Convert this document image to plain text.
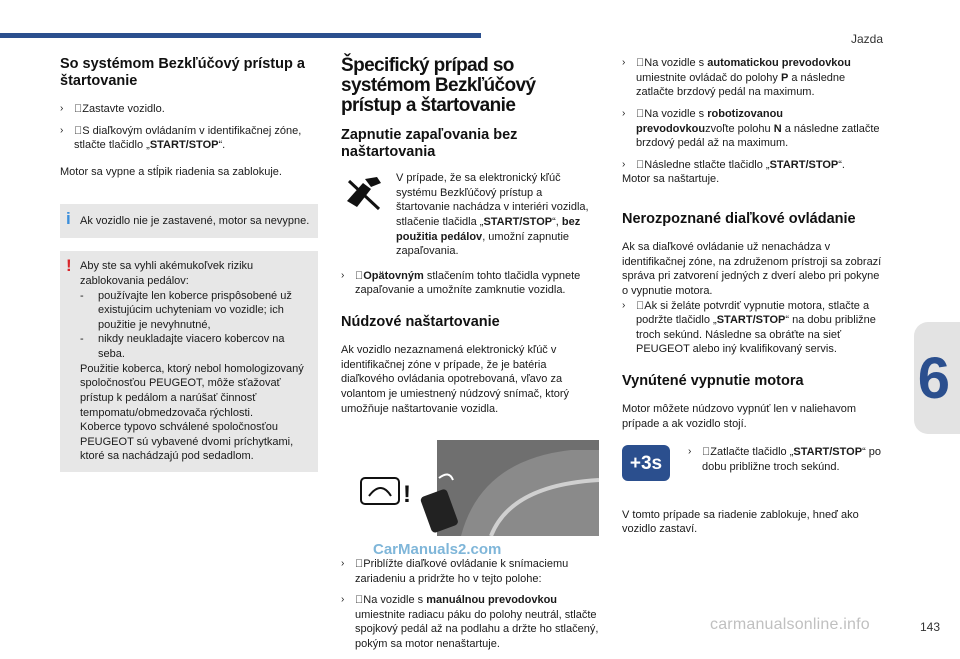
Jazda
6
So systémom Bezkľúčový prístup a štartovanie
› Zastavte vozidlo.
› S diaľkovým ovládaním v identifikačnej zóne, stlačte tlačidlo „START/STOP“.

Motor sa vypne a stĺpik riadenia sa zablokuje.

i Ak vozidlo nie je zastavené, motor sa nevypne.
! Aby ste sa vyhli akémukoľvek riziku zablokovania pedálov:
- používajte len koberce prispôsobené už existujúcim uchyteniam vo vozidle; ich použitie je nevyhnutné,
- nikdy neukladajte viacero kobercov na seba.
Použitie koberca, ktorý nebol homologizovaný spoločnosťou PEUGEOT, môže sťažovať prístup k pedálom a narúšať činnosť tempomatu/obmedzovača rýchlosti.
Koberce typovo schválené spoločnosťou PEUGEOT sú vybavené dvomi príchytkami, ktoré sa nachádzajú pod sedadlom.
Špecifický prípad so systémom Bezkľúčový prístup a štartovanie
Zapnutie zapaľovania bez naštartovania
V prípade, že sa elektronický kľúč systému Bezkľúčový prístup a štartovanie nachádza v interiéri vozidla, stlačenie tlačidla „START/STOP“, bez použitia pedálov, umožní zapnutie zapaľovania.
› Opätovným stlačením tohto tlačidla vypnete zapaľovanie a umožníte zamknutie vozidla.
Núdzové naštartovanie

Ak vozidlo nezaznamená elektronický kľúč v identifikačnej zóne v prípade, že je batéria diaľkového ovládania opotrebovaná, vľavo za volantom je umiestnený núdzový snímač, ktorý umožňuje naštartovanie vozidla.

!
› Priblížte diaľkové ovládanie k snímaciemu zariadeniu a pridržte ho v tejto polohe:
› Na vozidle s manuálnou prevodovkou umiestnite radiacu páku do polohy neutrál, stlačte spojkový pedál až na podlahu a držte ho stlačený, pokým sa motor nenaštartuje.
› Na vozidle s automatickou prevodovkou umiestnite ovládač do polohy P a následne zatlačte brzdový pedál na maximum.
› Na vozidle s robotizovanou prevodovkouzvoľte polohu N a následne zatlačte brzdový pedál až na maximum.
› Následne stlačte tlačidlo „START/STOP“.

Motor sa naštartuje.

Nerozpoznané diaľkové ovládanie

Ak sa diaľkové ovládanie už nenachádza v identifikačnej zóne, na združenom prístroji sa zobrazí správa pri zatvorení jedných z dverí alebo pri pokyne o vypnutie motora.

› Ak si želáte potvrdiť vypnutie motora, stlačte a podržte tlačidlo „START/STOP“ na dobu približne troch sekúnd. Následne sa obráťte na sieť PEUGEOT alebo iný kvalifikovaný servis.
Vynútené vypnutie motora

Motor môžete núdzovo vypnúť len v naliehavom prípade a ak vozidlo stojí.

+3s
› Zatlačte tlačidlo „START/STOP“ po dobu približne troch sekúnd.

V tomto prípade sa riadenie zablokuje, hneď ako vozidlo zastaví.

CarManuals2.com
carmanualsonline.info	143
